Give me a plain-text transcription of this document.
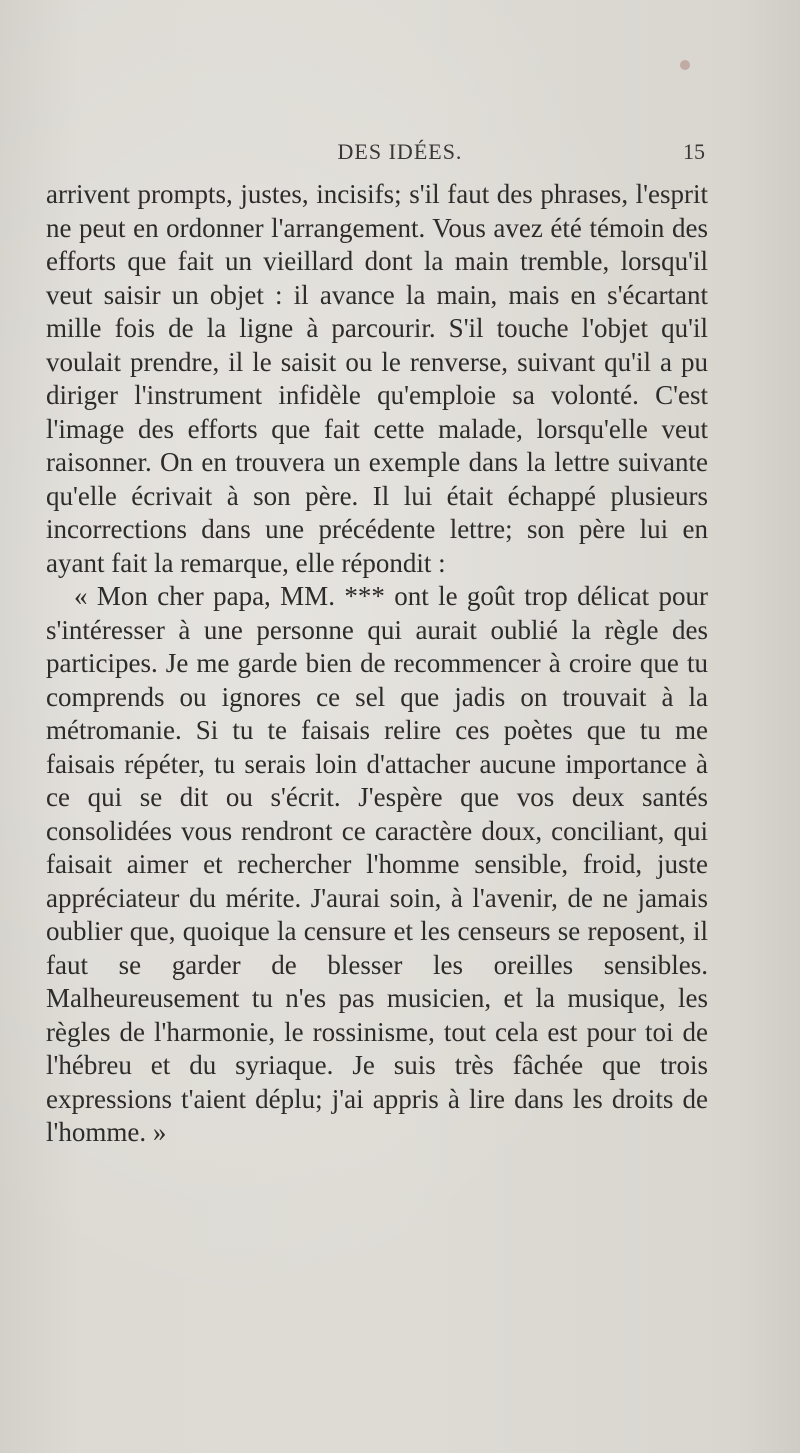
DES IDÉES.	15

arrivent prompts, justes, incisifs; s'il faut des phrases, l'esprit ne peut en ordonner l'arrangement. Vous avez été témoin des efforts que fait un vieillard dont la main tremble, lorsqu'il veut saisir un objet : il avance la main, mais en s'écartant mille fois de la ligne à parcourir. S'il touche l'objet qu'il voulait prendre, il le saisit ou le renverse, suivant qu'il a pu diriger l'instrument infidèle qu'emploie sa volonté. C'est l'image des efforts que fait cette malade, lorsqu'elle veut raisonner. On en trouvera un exemple dans la lettre suivante qu'elle écrivait à son père. Il lui était échappé plusieurs incorrections dans une précédente lettre; son père lui en ayant fait la remarque, elle répondit :

« Mon cher papa, MM. *** ont le goût trop délicat pour s'intéresser à une personne qui aurait oublié la règle des participes. Je me garde bien de recommencer à croire que tu comprends ou ignores ce sel que jadis on trouvait à la métromanie. Si tu te faisais relire ces poètes que tu me faisais répéter, tu serais loin d'attacher aucune importance à ce qui se dit ou s'écrit. J'espère que vos deux santés consolidées vous rendront ce caractère doux, conciliant, qui faisait aimer et rechercher l'homme sensible, froid, juste appréciateur du mérite. J'aurai soin, à l'avenir, de ne jamais oublier que, quoique la censure et les censeurs se reposent, il faut se garder de blesser les oreilles sensibles. Malheureusement tu n'es pas musicien, et la musique, les règles de l'harmonie, le rossinisme, tout cela est pour toi de l'hébreu et du syriaque. Je suis très fâchée que trois expressions t'aient déplu; j'ai appris à lire dans les droits de l'homme. »
